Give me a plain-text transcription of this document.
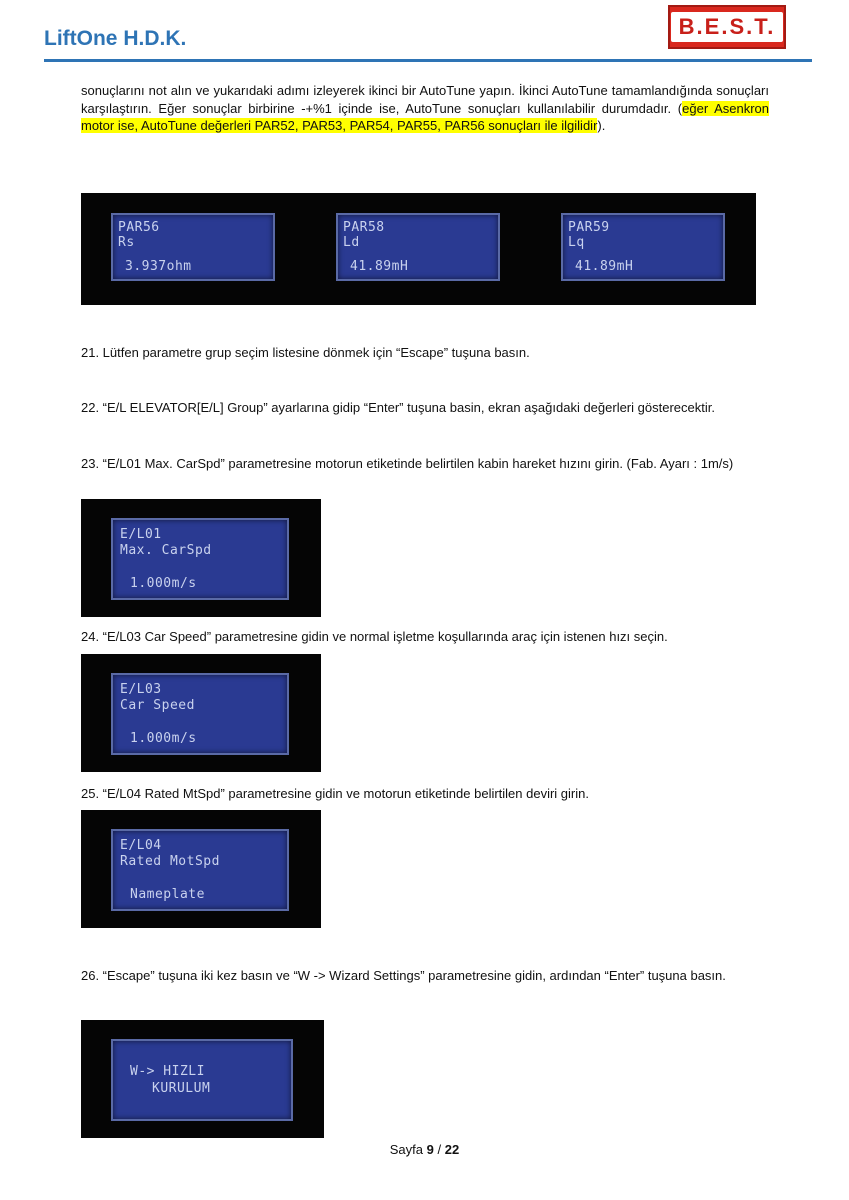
LiftOne H.D.K.	B.E.S.T.
sonuçlarını not alın ve yukarıdaki adımı izleyerek ikinci bir AutoTune yapın. İkinci AutoTune tamamlandığında sonuçları karşılaştırın. Eğer sonuçlar birbirine -+%1 içinde ise, AutoTune sonuçları kullanılabilir durumdadır. (eğer Asenkron motor ise, AutoTune değerleri PAR52, PAR53, PAR54, PAR55, PAR56 sonuçları ile ilgilidir).
PAR56
Rs
3.937ohm
PAR58
Ld
41.89mH
PAR59
Lq
41.89mH
21. Lütfen parametre grup seçim listesine dönmek için “Escape” tuşuna basın.
22. “E/L ELEVATOR[E/L] Group” ayarlarına gidip “Enter” tuşuna basin, ekran aşağıdaki değerleri gösterecektir.
23. “E/L01 Max. CarSpd” parametresine motorun etiketinde belirtilen kabin hareket hızını girin. (Fab. Ayarı : 1m/s)
E/L01
Max. CarSpd
1.000m/s
24. “E/L03 Car Speed” parametresine gidin ve normal işletme koşullarında araç için istenen hızı seçin.
E/L03
Car Speed
1.000m/s
25. “E/L04 Rated MtSpd” parametresine gidin ve motorun etiketinde belirtilen deviri girin.
E/L04
Rated MotSpd
Nameplate
26. “Escape” tuşuna iki kez basın ve “W -> Wizard Settings” parametresine gidin, ardından “Enter” tuşuna basın.
W-> HIZLI
KURULUM
Sayfa 9 / 22
